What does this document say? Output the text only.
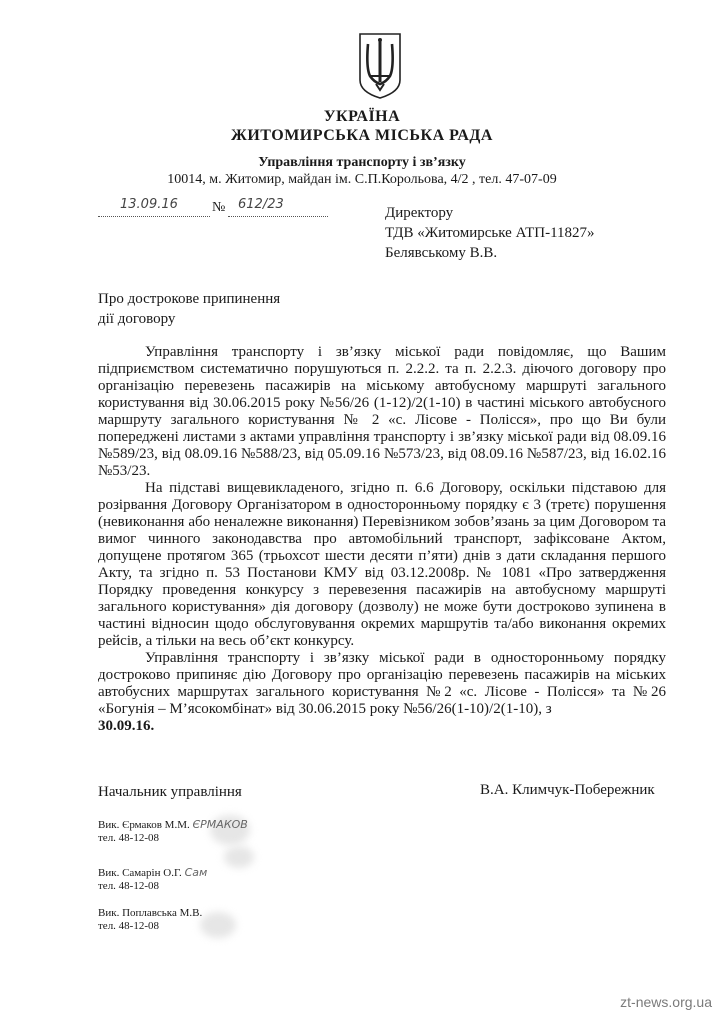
УКРАЇНА
ЖИТОМИРСЬКА МІСЬКА РАДА
Управління транспорту і зв’язку
10014, м. Житомир, майдан ім. С.П.Корольова, 4/2 , тел. 47-07-09
13.09.16 № 612/23
Директору
ТДВ «Житомирське АТП-11827»
Белявському В.В.
Про дострокове припинення
дії договору

Управління транспорту і зв’язку міської ради повідомляє, що Вашим підприємством систематично порушуються п. 2.2.2. та п. 2.2.3. діючого договору про організацію перевезень пасажирів на міському автобусному маршруті загального користування від 30.06.2015 року №56/26 (1-12)/2(1-10) в частині міського автобусного маршруту загального користування № 2 «с. Лісове - Полісся», про що Ви були попереджені листами з актами управління транспорту і зв’язку міської ради від 08.09.16 №589/23, від 08.09.16 №588/23, від 05.09.16 №573/23, від 08.09.16 №587/23, від 16.02.16 №53/23.

На підставі вищевикладеного, згідно п. 6.6 Договору, оскільки підставою для розірвання Договору Організатором в односторонньому порядку є 3 (третє) порушення (невиконання або неналежне виконання) Перевізником зобов’язань за цим Договором та вимог чинного законодавства про автомобільний транспорт, зафіксоване Актом, допущене протягом 365 (трьохсот шести десяти п’яти) днів з дати складання першого Акту, та згідно п. 53 Постанови КМУ від 03.12.2008р. № 1081 «Про затвердження Порядку проведення конкурсу з перевезення пасажирів на автобусному маршруті загального користування» дія договору (дозволу) не може бути достроково зупинена в частині відносин щодо обслуговування окремих маршрутів та/або виконання окремих рейсів, а тільки на весь об’єкт конкурсу.

Управління транспорту і зв’язку міської ради в односторонньому порядку достроково припиняє дію Договору про організацію перевезень пасажирів на міських автобусних маршрутах загального користування №2 «с. Лісове - Полісся» та №26 «Богунія – М’ясокомбінат» від 30.06.2015 року №56/26(1-10)/2(1-10), з

30.09.16.

Начальник управління	В.А. Климчук-Побережник
Вик. Єрмаков М.М. ЄРМАКОВ
тел. 48-12-08
Вик. Самарін О.Г. Сам
тел. 48-12-08
Вик. Поплавська М.В.
тел. 48-12-08
zt-news.org.ua
